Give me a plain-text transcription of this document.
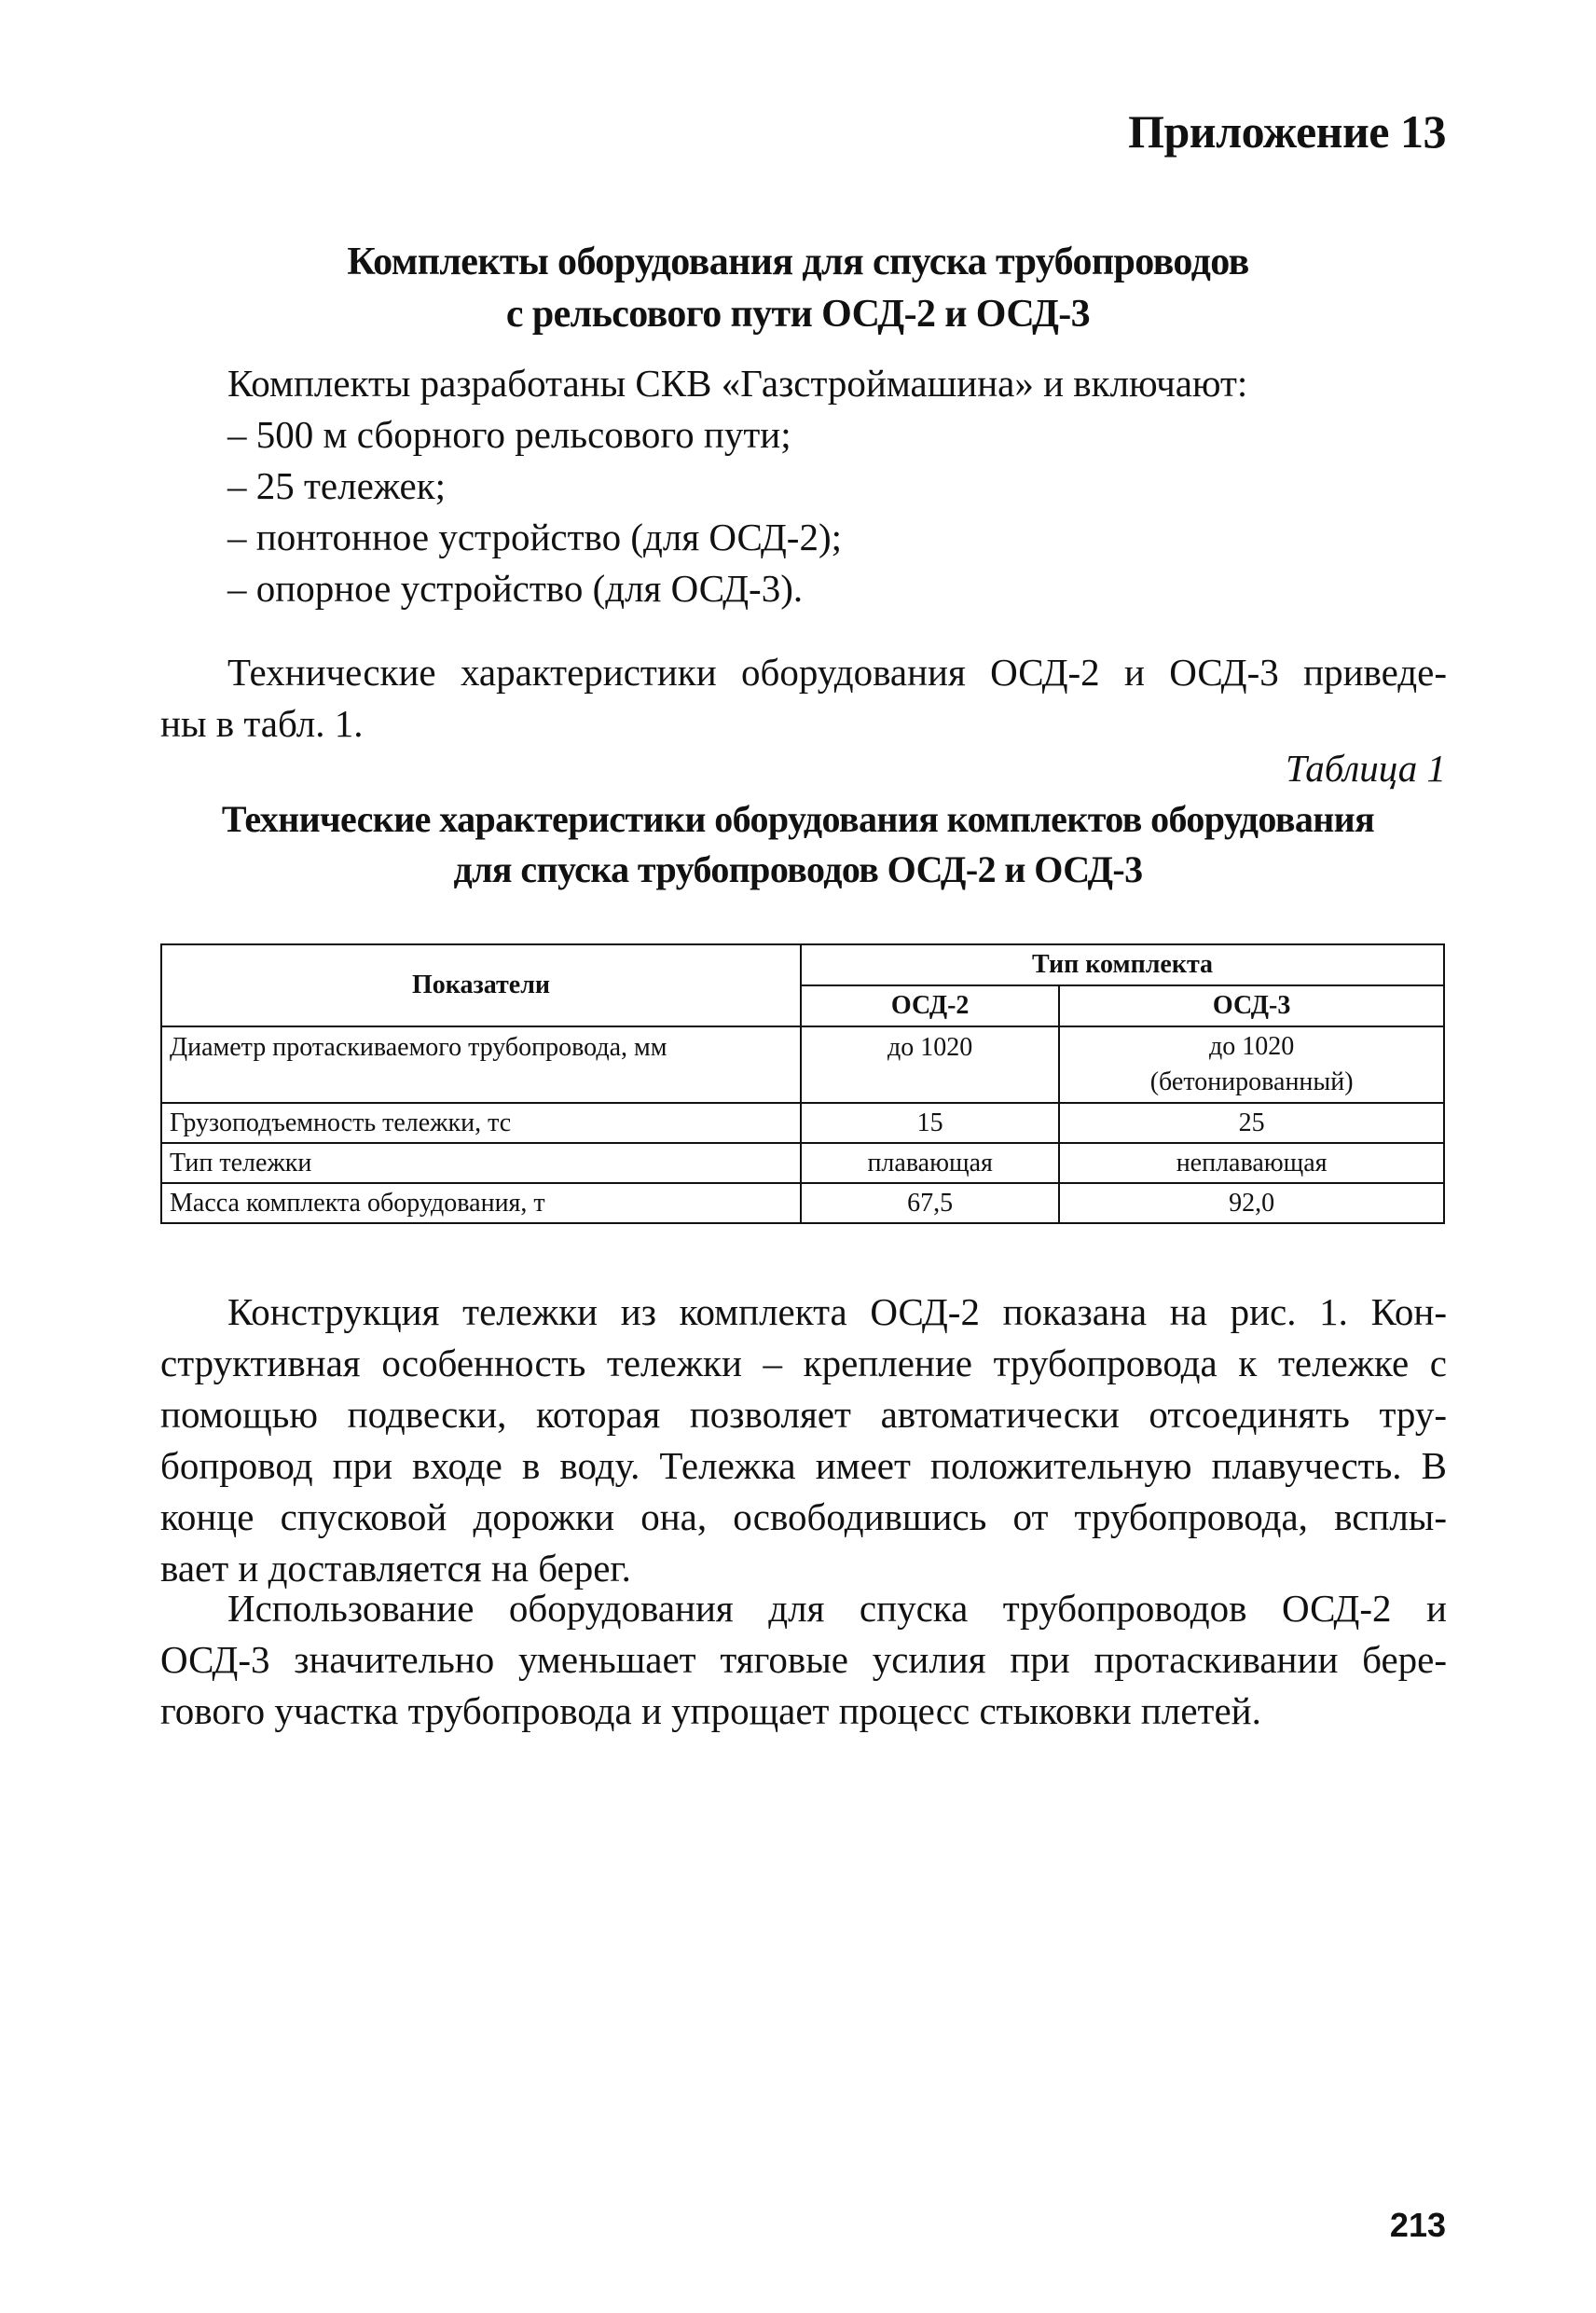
Приложение 13
Комплекты оборудования для спуска трубопроводов
с рельсового пути ОСД-2 и ОСД-3
Комплекты разработаны СКВ «Газстроймашина» и включают:
– 500 м сборного рельсового пути;
– 25 тележек;
– понтонное устройство (для ОСД-2);
– опорное устройство (для ОСД-3).
Технические характеристики оборудования ОСД-2 и ОСД-3 приведе-
ны в табл. 1.
Таблица 1
Технические характеристики оборудования комплектов оборудования
для спуска трубопроводов ОСД-2 и ОСД-3
Показатели	Тип комплекта	
	ОСД-2	ОСД-3
Диаметр протаскиваемого трубопровода, мм	до 1020	до 1020
(бетонированный)

Грузоподъемность тележки, тс	15	25
Тип тележки	плавающая	неплавающая
Масса комплекта оборудования, т	67,5	92,0
Конструкция тележки из комплекта ОСД-2 показана на рис. 1. Кон-
структивная особенность тележки – крепление трубопровода к тележке с
помощью подвески, которая позволяет автоматически отсоединять тру-
бопровод при входе в воду. Тележка имеет положительную плавучесть. В
конце спусковой дорожки она, освободившись от трубопровода, всплы-
вает и доставляется на берег.
Использование оборудования для спуска трубопроводов ОСД-2 и
ОСД-3 значительно уменьшает тяговые усилия при протаскивании бере-
гового участка трубопровода и упрощает процесс стыковки плетей.
213
